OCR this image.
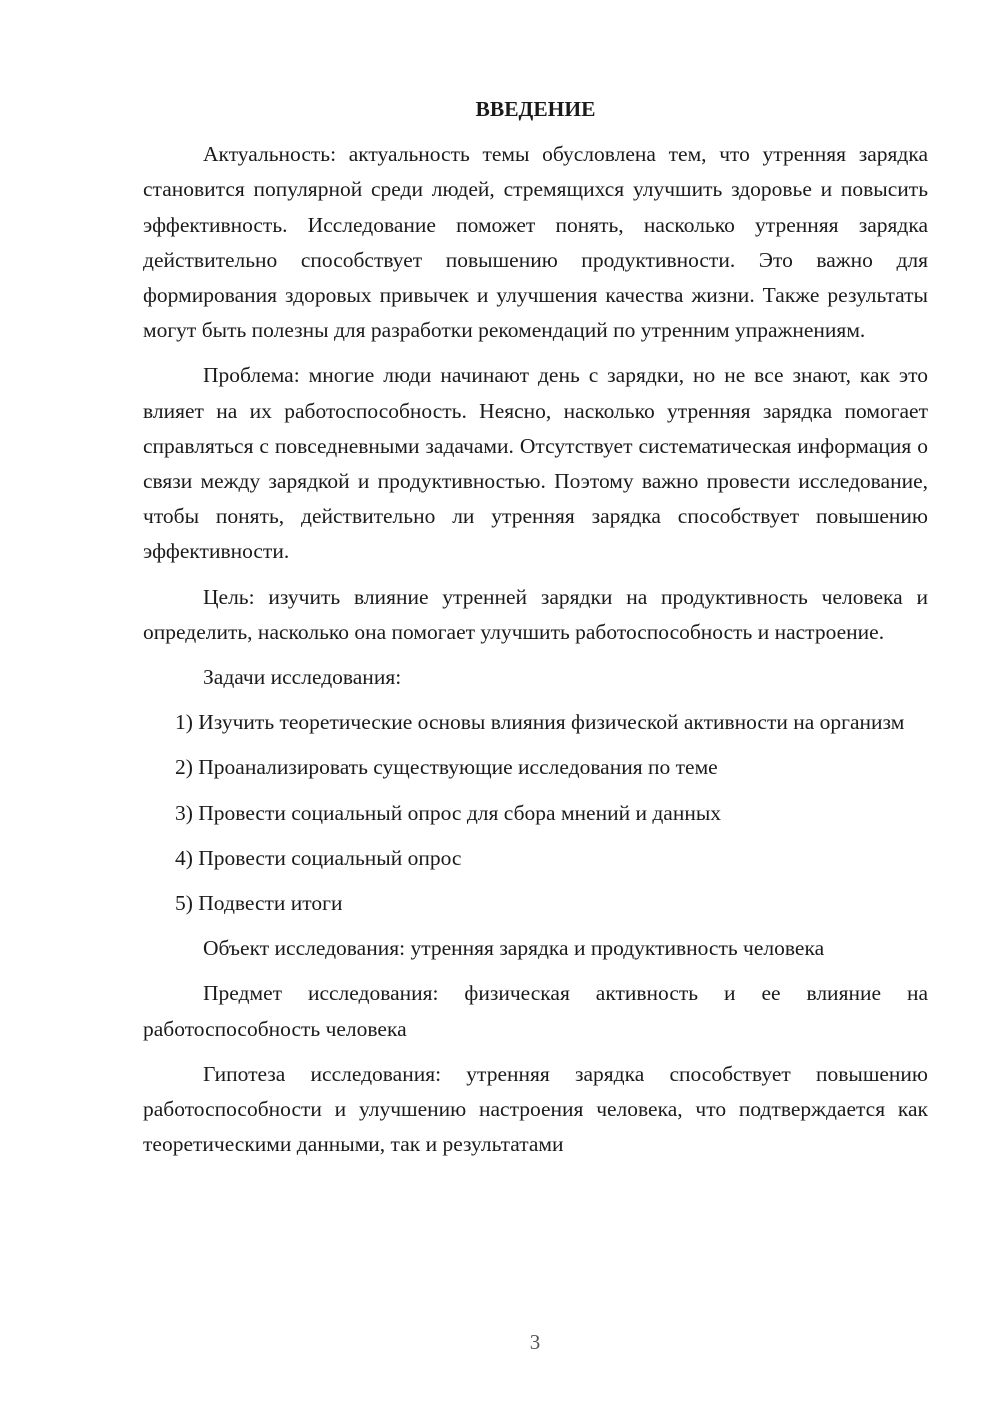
ВВЕДЕНИЕ

Актуальность: актуальность темы обусловлена тем, что утренняя зарядка становится популярной среди людей, стремящихся улучшить здоровье и повысить эффективность. Исследование поможет понять, насколько утренняя зарядка действительно способствует повышению продуктивности. Это важно для формирования здоровых привычек и улучшения качества жизни. Также результаты могут быть полезны для разработки рекомендаций по утренним упражнениям.

Проблема: многие люди начинают день с зарядки, но не все знают, как это влияет на их работоспособность. Неясно, насколько утренняя зарядка помогает справляться с повседневными задачами. Отсутствует систематическая информация о связи между зарядкой и продуктивностью. Поэтому важно провести исследование, чтобы понять, действительно ли утренняя зарядка способствует повышению эффективности.

Цель: изучить влияние утренней зарядки на продуктивность человека и определить, насколько она помогает улучшить работоспособность и настроение.

Задачи исследования:

1) Изучить теоретические основы влияния физической активности на организм

2) Проанализировать существующие исследования по теме

3) Провести социальный опрос для сбора мнений и данных

4) Провести социальный опрос

5) Подвести итоги

Объект исследования: утренняя зарядка и продуктивность человека

Предмет исследования: физическая активность и ее влияние на работоспособность человека

Гипотеза исследования: утренняя зарядка способствует повышению работоспособности и улучшению настроения человека, что подтверждается как теоретическими данными, так и результатами

3
